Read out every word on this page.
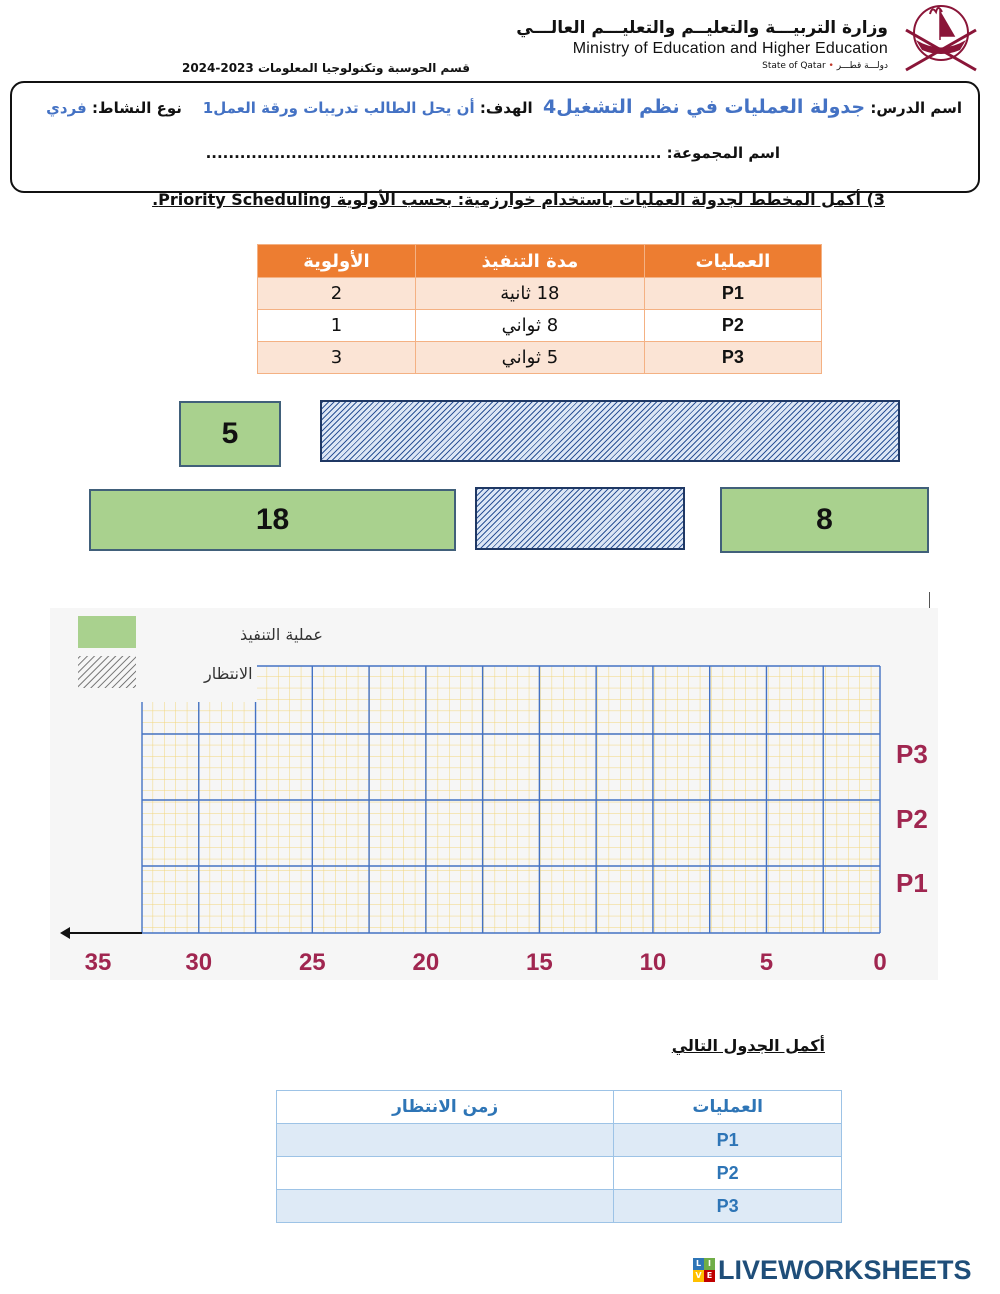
وزارة التربيـــة والتعليــم والتعليـــم العالـــي
Ministry of Education and Higher Education
State of Qatar • دولـــة قطـــر
قسم الحوسبة وتكنولوجيا المعلومات 2023-2024
اسم الدرس: جدولة العمليات في نظم التشغيل4  الهدف: أن يحل الطالب تدريبات ورقة العمل1    نوع النشاط: فردي
اسم المجموعة: ................................................................................
3) أكمل المخطط لجدولة العمليات باستخدام خوارزمية: بحسب الأولوية Priority Scheduling.
العمليات	مدة التنفيذ	الأولوية
P1	18 ثانية	2
P2	8 ثواني	1
P3	5 ثواني	3
5
18	8
0
5
10
15
20
25
30
35
P3
P2
P1
عملية التنفيذ
الانتظار
أكمل الجدول التالي
العمليات	زمن الانتظار
P1	
P2	
P3	
L I
V E LIVEWORKSHEETS
